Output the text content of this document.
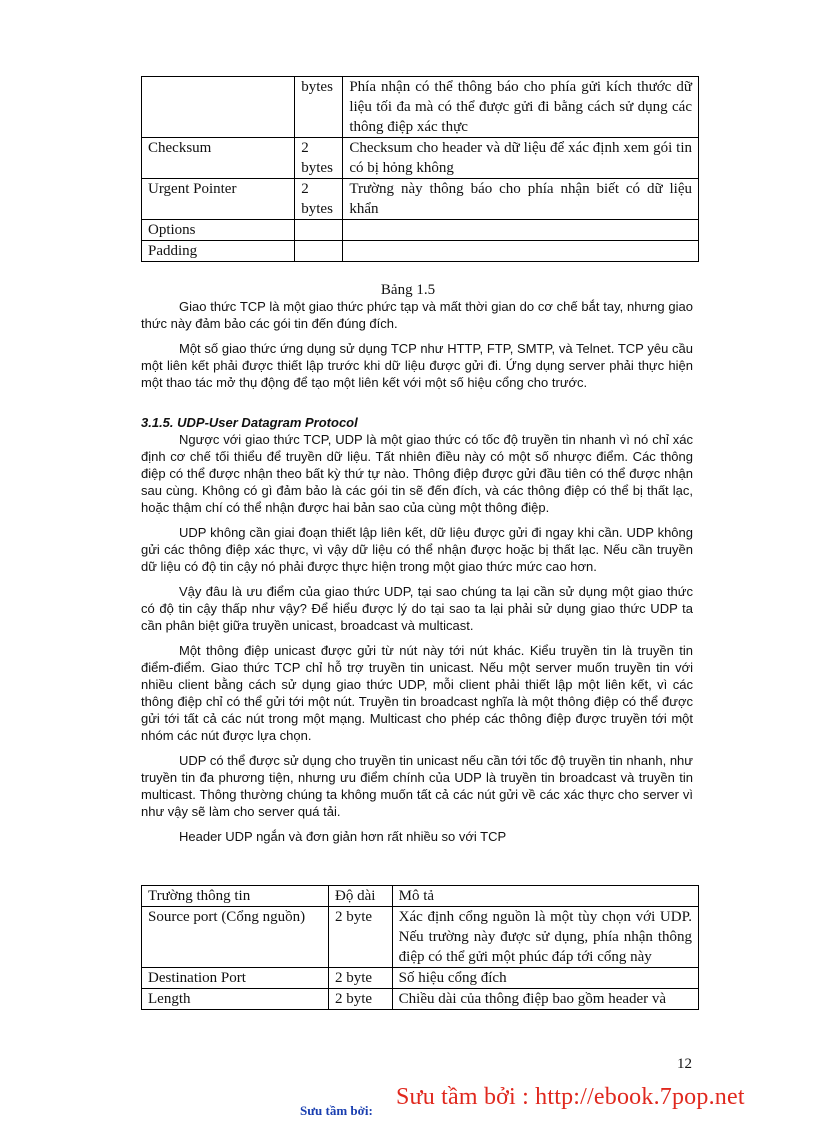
	bytes	Phía nhận có thể thông báo cho phía gửi kích thước dữ liệu tối đa mà có thể được gửi đi bằng cách sử dụng các thông điệp xác thực
Checksum	2 bytes	Checksum cho header và dữ liệu để xác định xem gói tin có bị hỏng không
Urgent Pointer	2 bytes	Trường này thông báo cho phía nhận biết có dữ liệu khẩn
Options		
Padding		
Bảng 1.5

Giao thức TCP là một giao thức phức tạp và mất thời gian do cơ chế bắt tay, nhưng giao thức này đảm bảo các gói tin đến đúng đích.

Một số giao thức ứng dụng sử dụng TCP như HTTP, FTP, SMTP, và Telnet. TCP yêu cầu một liên kết phải được thiết lập trước khi dữ liệu được gửi đi. Ứng dụng server phải thực hiện một thao tác mở thụ động để tạo một liên kết với một số hiệu cổng cho trước.

3.1.5. UDP-User Datagram Protocol

Ngược với giao thức TCP, UDP là một giao thức có tốc độ truyền tin nhanh vì nó chỉ xác định cơ chế tối thiểu để truyền dữ liệu. Tất nhiên điều này có một số nhược điểm. Các thông điệp có thể được nhận theo bất kỳ thứ tự nào. Thông điệp được gửi đầu tiên có thể được nhận sau cùng. Không có gì đảm bảo là các gói tin sẽ đến đích, và các thông điệp có thể bị thất lạc, hoặc thậm chí có thể nhận được hai bản sao của cùng một thông điệp.

UDP không cần giai đoạn thiết lập liên kết, dữ liệu được gửi đi ngay khi cần. UDP không gửi các thông điệp xác thực, vì vậy dữ liệu có thể nhận được hoặc bị thất lạc. Nếu cần truyền dữ liệu có độ tin cậy nó phải được thực hiện trong một giao thức mức cao hơn.

Vậy đâu là ưu điểm của giao thức UDP, tại sao chúng ta lại cần sử dụng một giao thức có độ tin cậy thấp như vậy? Để hiểu được lý do tại sao ta lại phải sử dụng giao thức UDP ta cần phân biệt giữa truyền unicast, broadcast và multicast.

Một thông điệp unicast được gửi từ nút này tới nút khác. Kiểu truyền tin là truyền tin điểm-điểm. Giao thức TCP chỉ hỗ trợ truyền tin unicast. Nếu một server muốn truyền tin với nhiều client bằng cách sử dụng giao thức UDP, mỗi client phải thiết lập một liên kết, vì các thông điệp chỉ có thể gửi tới một nút. Truyền tin broadcast nghĩa là một thông điệp có thể được gửi tới tất cả các nút trong một mạng. Multicast cho phép các thông điệp được truyền tới một nhóm các nút được lựa chọn.

UDP có thể được sử dụng cho truyền tin unicast nếu cần tới tốc độ truyền tin nhanh, như truyền tin đa phương tiện, nhưng ưu điểm chính của UDP là truyền tin broadcast và truyền tin multicast. Thông thường chúng ta không muốn tất cả các nút gửi về các xác thực cho server vì như vậy sẽ làm cho server quá tải.

Header UDP ngắn và đơn giản hơn rất nhiều so với TCP

Trường thông tin	Độ dài	Mô tả
Source port (Cổng nguồn)	2 byte	Xác định cổng nguồn là một tùy chọn với UDP. Nếu trường này được sử dụng, phía nhận thông điệp có thể gửi một phúc đáp tới cổng này
Destination Port	2 byte	Số hiệu cổng đích
Length	2 byte	Chiều dài của thông điệp bao gồm header và
12
Sưu tầm bởi:
Sưu tầm bởi : http://ebook.7pop.net
